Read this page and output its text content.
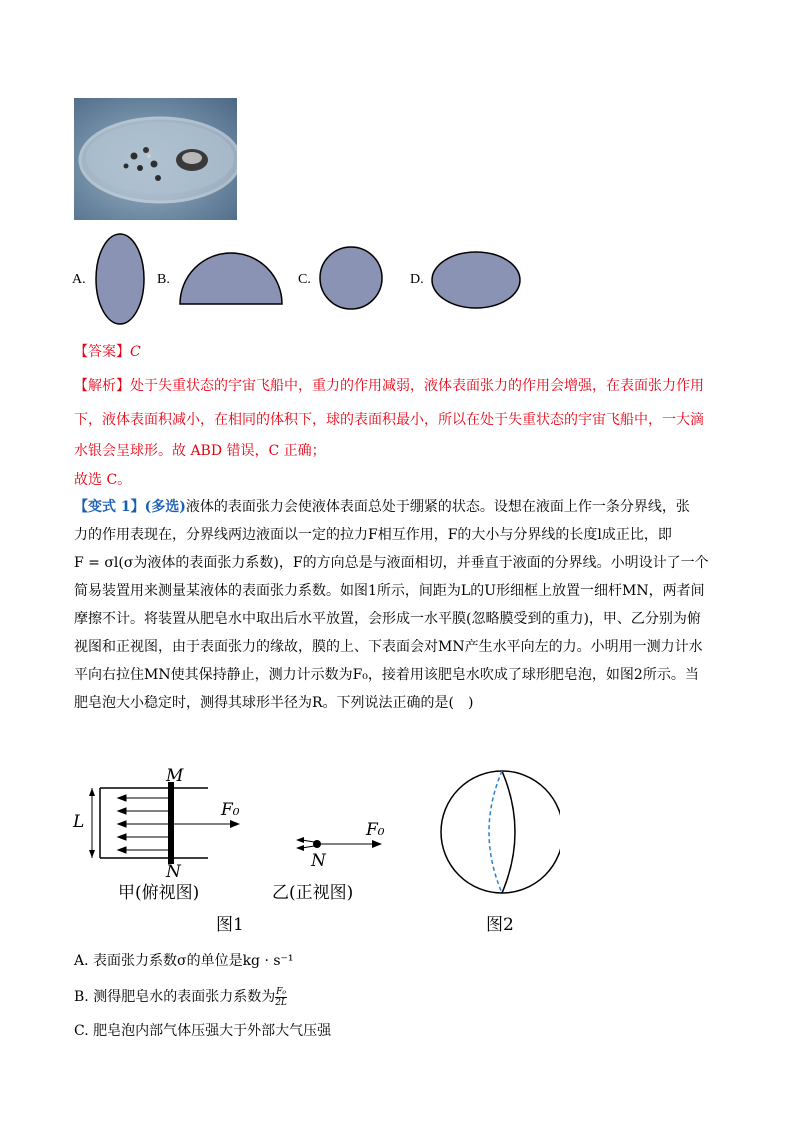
A.	B.	C.	D.
【答案】C
【解析】处于失重状态的宇宙飞船中，重力的作用减弱，液体表面张力的作用会增强，在表面张力作用
下，液体表面积减小，在相同的体积下，球的表面积最小，所以在处于失重状态的宇宙飞船中，一大滴
水银会呈球形。故 ABD 错误，C 正确；
故选 C。
【变式 1】(多选)液体的表面张力会使液体表面总处于绷紧的状态。设想在液面上作一条分界线，张
力的作用表现在，分界线两边液面以一定的拉力F相互作用，F的大小与分界线的长度l成正比，即
F = σl(σ为液体的表面张力系数)，F的方向总是与液面相切，并垂直于液面的分界线。小明设计了一个
简易装置用来测量某液体的表面张力系数。如图1所示，间距为L的U形细框上放置一细杆MN，两者间
摩擦不计。将装置从肥皂水中取出后水平放置，会形成一水平膜(忽略膜受到的重力)，甲、乙分别为俯
视图和正视图，由于表面张力的缘故，膜的上、下表面会对MN产生水平向左的力。小明用一测力计水
平向右拉住MN使其保持静止，测力计示数为F₀，接着用该肥皂水吹成了球形肥皂泡，如图2所示。当
肥皂泡大小稳定时，测得其球形半径为R。下列说法正确的是(　)
M
N
L
F₀
F₀
N
甲(俯视图)	乙(正视图)
图1	图2
A. 表面张力系数σ的单位是kg · s⁻¹
B. 测得肥皂水的表面张力系数为 $\frac{\text{F₀}}{2L}$
C. 肥皂泡内部气体压强大于外部大气压强
